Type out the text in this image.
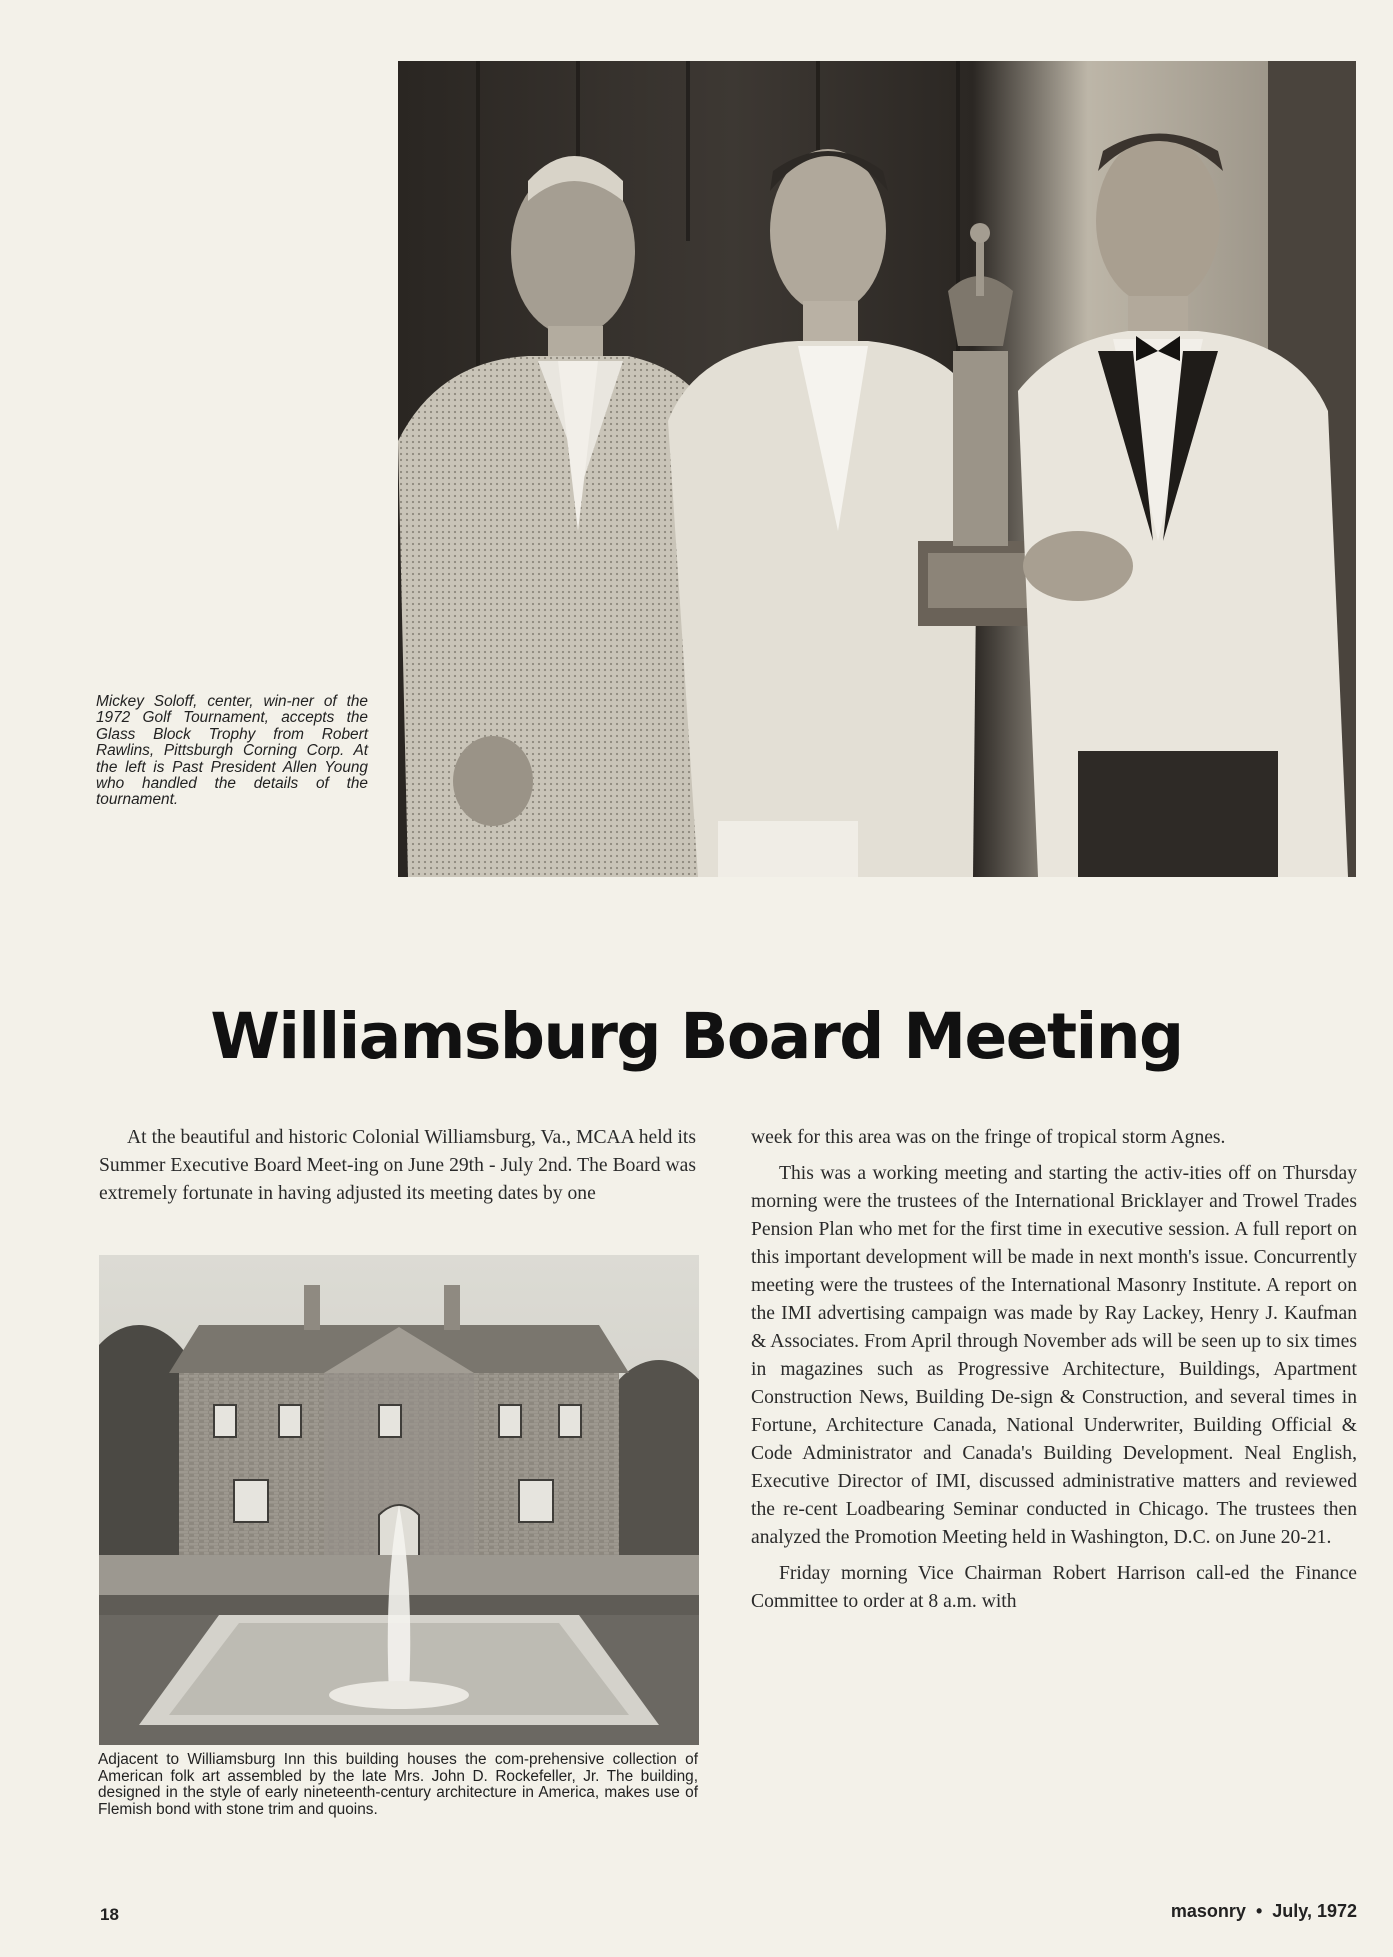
Mickey Soloff, center, win-ner of the 1972 Golf Tournament, accepts the Glass Block Trophy from Robert Rawlins, Pittsburgh Corning Corp. At the left is Past President Allen Young who handled the details of the tournament.
Williamsburg Board Meeting

At the beautiful and historic Colonial Williamsburg, Va., MCAA held its Summer Executive Board Meet-ing on June 29th - July 2nd. The Board was extremely fortunate in having adjusted its meeting dates by one

Adjacent to Williamsburg Inn this building houses the com-prehensive collection of American folk art assembled by the late Mrs. John D. Rockefeller, Jr. The building, designed in the style of early nineteenth-century architecture in America, makes use of Flemish bond with stone trim and quoins.

week for this area was on the fringe of tropical storm Agnes.

This was a working meeting and starting the activ-ities off on Thursday morning were the trustees of the International Bricklayer and Trowel Trades Pension Plan who met for the first time in executive session. A full report on this important development will be made in next month's issue. Concurrently meeting were the trustees of the International Masonry Institute. A report on the IMI advertising campaign was made by Ray Lackey, Henry J. Kaufman & Associates. From April through November ads will be seen up to six times in magazines such as Progressive Architecture, Buildings, Apartment Construction News, Building De-sign & Construction, and several times in Fortune, Architecture Canada, National Underwriter, Building Official & Code Administrator and Canada's Building Development. Neal English, Executive Director of IMI, discussed administrative matters and reviewed the re-cent Loadbearing Seminar conducted in Chicago. The trustees then analyzed the Promotion Meeting held in Washington, D.C. on June 20-21.

Friday morning Vice Chairman Robert Harrison call-ed the Finance Committee to order at 8 a.m. with

18	masonry • July, 1972
